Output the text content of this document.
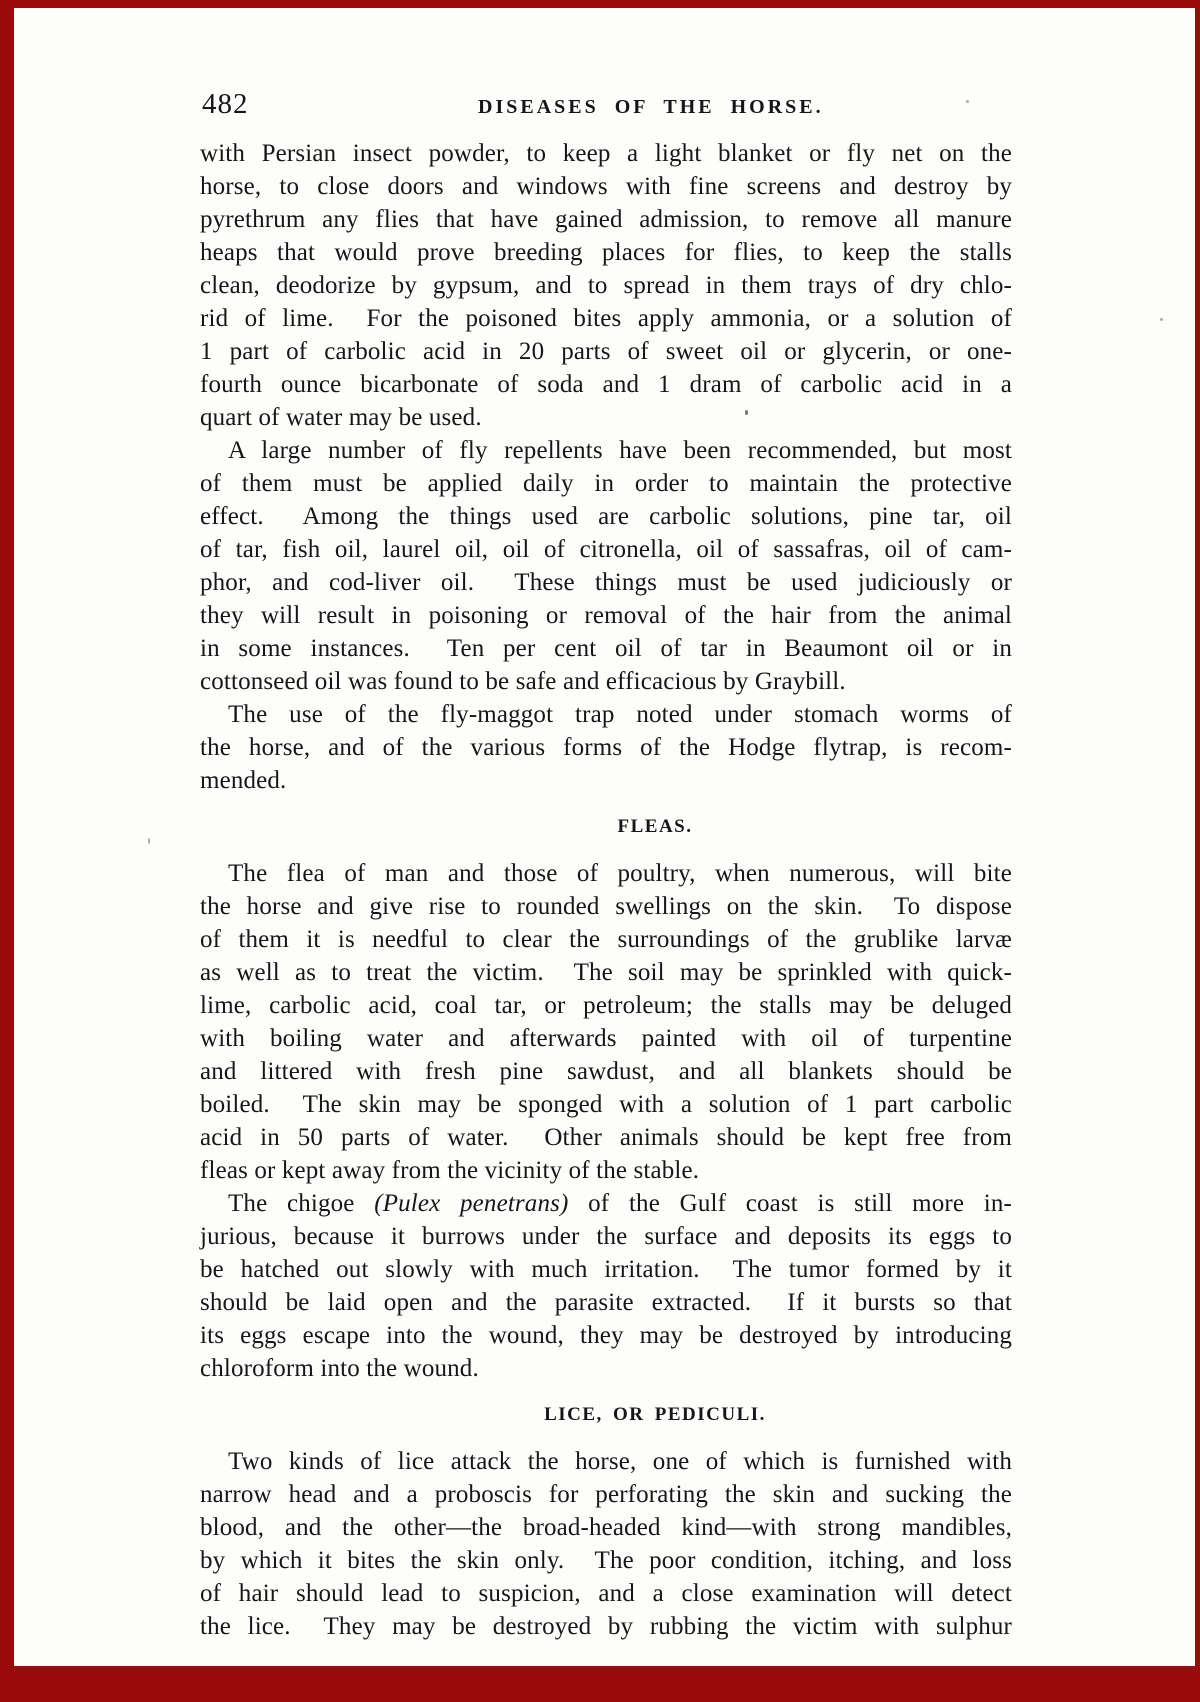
482	DISEASES OF THE HORSE.
with Persian insect powder, to keep a light blanket or fly net on the
horse, to close doors and windows with fine screens and destroy by
pyrethrum any flies that have gained admission, to remove all manure
heaps that would prove breeding places for flies, to keep the stalls
clean, deodorize by gypsum, and to spread in them trays of dry chlo-
rid of lime.  For the poisoned bites apply ammonia, or a solution of
1 part of carbolic acid in 20 parts of sweet oil or glycerin, or one-
fourth ounce bicarbonate of soda and 1 dram of carbolic acid in a
quart of water may be used.
A large number of fly repellents have been recommended, but most
of them must be applied daily in order to maintain the protective
effect.  Among the things used are carbolic solutions, pine tar, oil
of tar, fish oil, laurel oil, oil of citronella, oil of sassafras, oil of cam-
phor, and cod-liver oil.  These things must be used judiciously or
they will result in poisoning or removal of the hair from the animal
in some instances.  Ten per cent oil of tar in Beaumont oil or in
cottonseed oil was found to be safe and efficacious by Graybill.
The use of the fly-maggot trap noted under stomach worms of
the horse, and of the various forms of the Hodge flytrap, is recom-
mended.
FLEAS.
The flea of man and those of poultry, when numerous, will bite
the horse and give rise to rounded swellings on the skin.  To dispose
of them it is needful to clear the surroundings of the grublike larvæ
as well as to treat the victim.  The soil may be sprinkled with quick-
lime, carbolic acid, coal tar, or petroleum; the stalls may be deluged
with boiling water and afterwards painted with oil of turpentine
and littered with fresh pine sawdust, and all blankets should be
boiled.  The skin may be sponged with a solution of 1 part carbolic
acid in 50 parts of water.  Other animals should be kept free from
fleas or kept away from the vicinity of the stable.
The chigoe (Pulex penetrans) of the Gulf coast is still more in-
jurious, because it burrows under the surface and deposits its eggs to
be hatched out slowly with much irritation.  The tumor formed by it
should be laid open and the parasite extracted.  If it bursts so that
its eggs escape into the wound, they may be destroyed by introducing
chloroform into the wound.
LICE, OR PEDICULI.
Two kinds of lice attack the horse, one of which is furnished with
narrow head and a proboscis for perforating the skin and sucking the
blood, and the other—the broad-headed kind—with strong mandibles,
by which it bites the skin only.  The poor condition, itching, and loss
of hair should lead to suspicion, and a close examination will detect
the lice.  They may be destroyed by rubbing the victim with sulphur
